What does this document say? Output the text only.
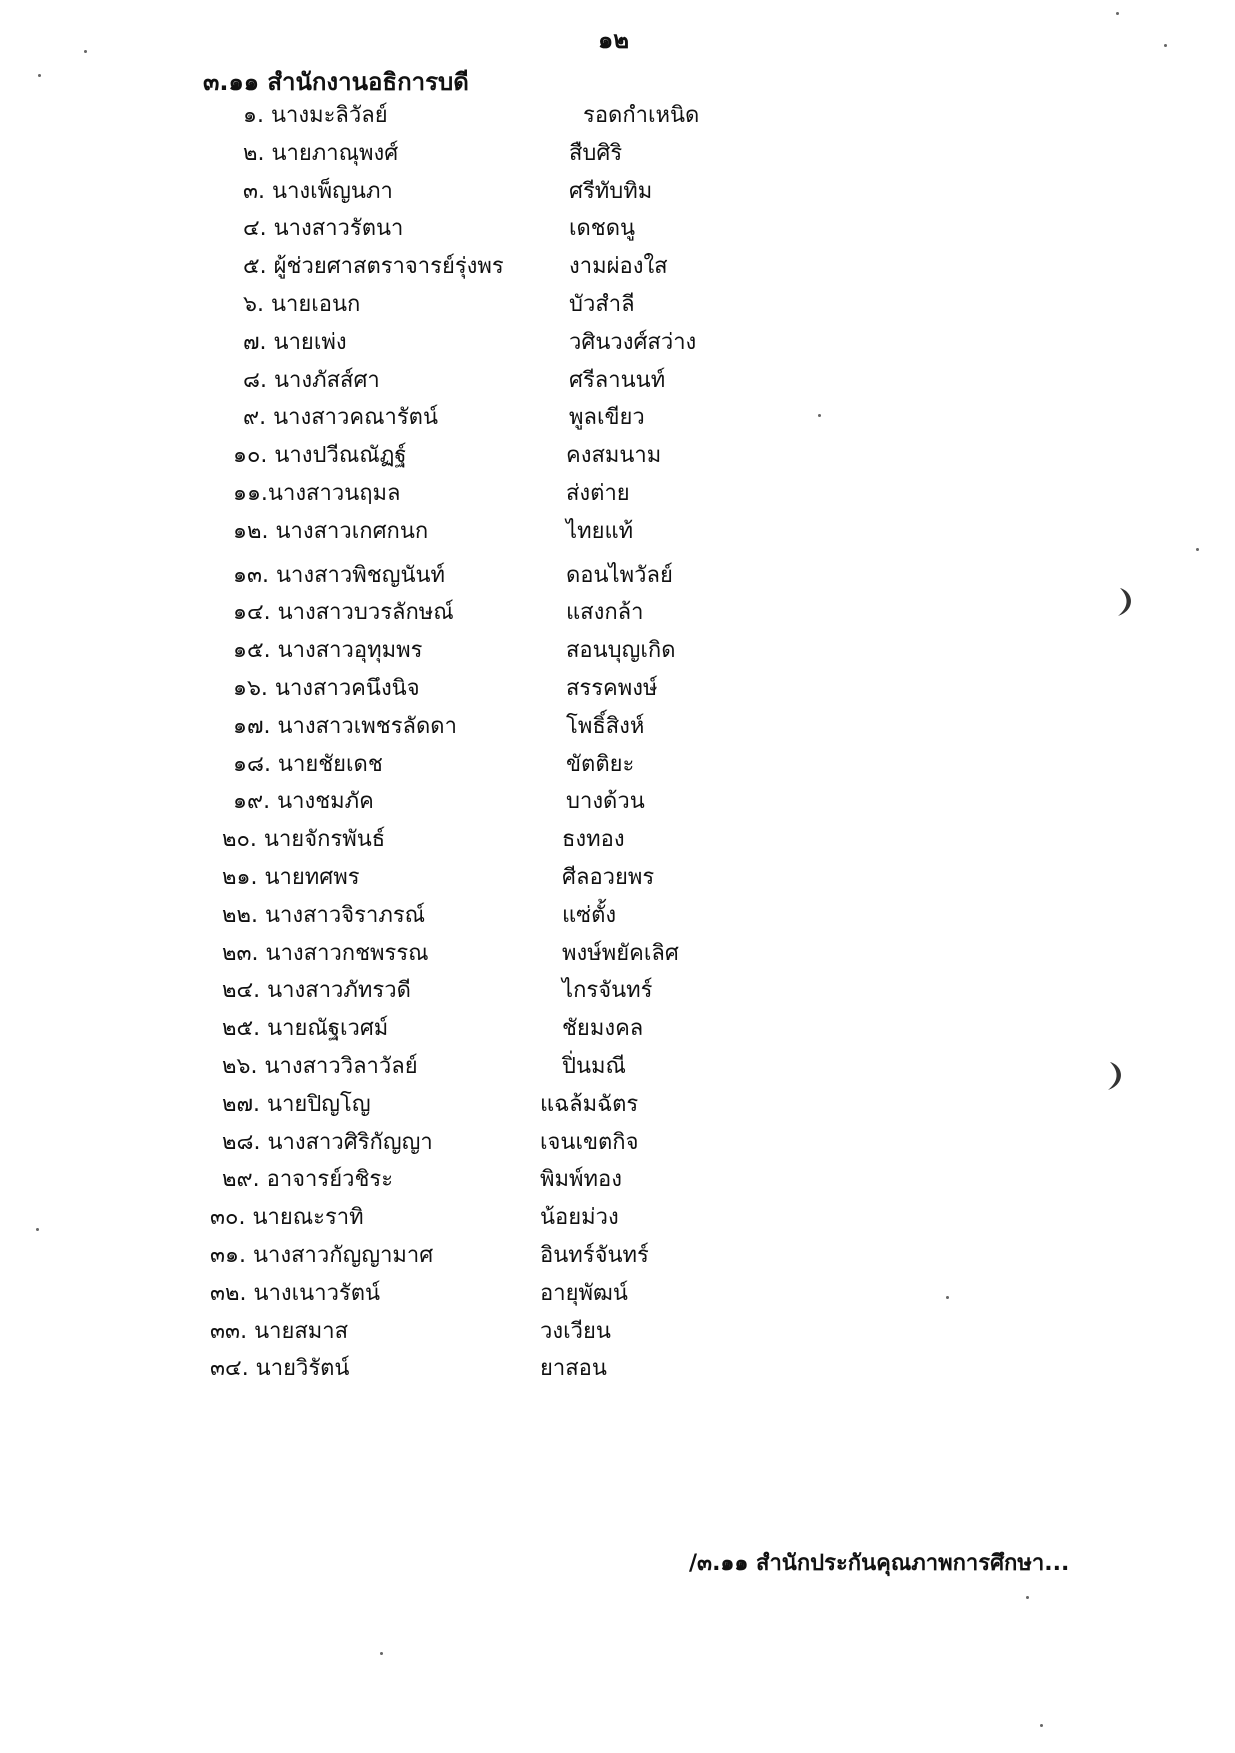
๑๒
๓.๑๑ สำนักงานอธิการบดี
๑. นางมะลิวัลย์	รอดกำเหนิด
๒. นายภาณุพงศ์	สืบศิริ
๓. นางเพ็ญนภา	ศรีทับทิม
๔. นางสาวรัตนา	เดชดนู
๕. ผู้ช่วยศาสตราจารย์รุ่งพร	งามผ่องใส
๖. นายเอนก	บัวสำลี
๗. นายเพ่ง	วศินวงศ์สว่าง
๘. นางภัสส์ศา	ศรีลานนท์
๙. นางสาวคณารัตน์	พูลเขียว
๑๐. นางปวีณณัฏฐ์	คงสมนาม
๑๑.นางสาวนฤมล	ส่งต่าย
๑๒. นางสาวเกศกนก	ไทยแท้
๑๓. นางสาวพิชญนันท์	ดอนไพวัลย์
๑๔. นางสาวบวรลักษณ์	แสงกล้า
๑๕. นางสาวอุทุมพร	สอนบุญเกิด
๑๖. นางสาวคนึงนิจ	สรรคพงษ์
๑๗. นางสาวเพชรลัดดา	โพธิ์สิงห์
๑๘. นายชัยเดช	ขัตติยะ
๑๙. นางชมภัค	บางด้วน
๒๐. นายจักรพันธ์	ธงทอง
๒๑. นายทศพร	ศีลอวยพร
๒๒. นางสาวจิราภรณ์	แซ่ตั้ง
๒๓. นางสาวกชพรรณ	พงษ์พยัคเลิศ
๒๔. นางสาวภัทรวดี	ไกรจันทร์
๒๕. นายณัฐเวศม์	ชัยมงคล
๒๖. นางสาววิลาวัลย์	ปิ่นมณี
๒๗. นายปิญโญ	แฉล้มฉัตร
๒๘. นางสาวศิริกัญญา	เจนเขตกิจ
๒๙. อาจารย์วชิระ	พิมพ์ทอง
๓๐. นายณะราทิ	น้อยม่วง
๓๑. นางสาวกัญญามาศ	อินทร์จันทร์
๓๒. นางเนาวรัตน์	อายุพัฒน์
๓๓. นายสมาส	วงเวียน
๓๔. นายวิรัตน์	ยาสอน
/๓.๑๑ สำนักประกันคุณภาพการศึกษา...
